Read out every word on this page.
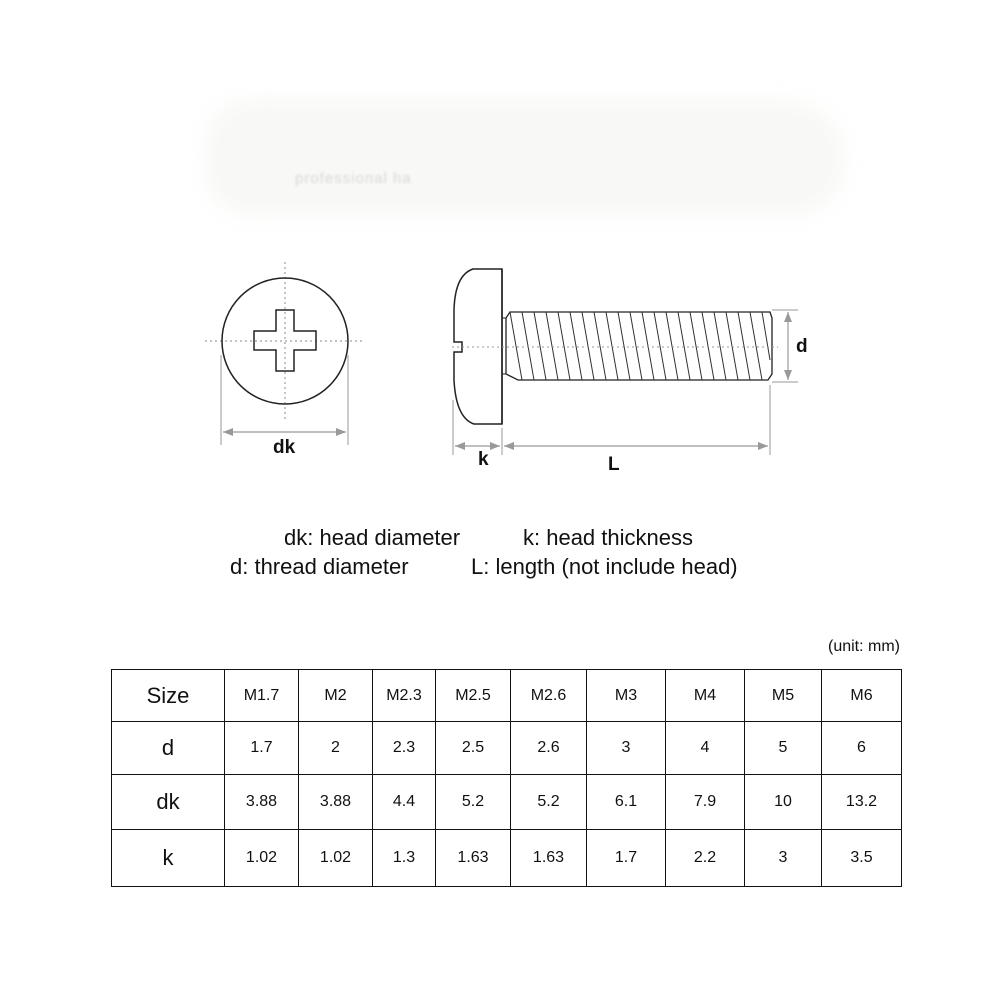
professional ha
dk
k	L
d
dk: head diameter	k: head thickness
d: thread diameter	L: length (not include head)
(unit: mm)
Size	M1.7	M2	M2.3	M2.5	M2.6	M3	M4	M5	M6
d	1.7	2	2.3	2.5	2.6	3	4	5	6
dk	3.88	3.88	4.4	5.2	5.2	6.1	7.9	10	13.2
k	1.02	1.02	1.3	1.63	1.63	1.7	2.2	3	3.5
